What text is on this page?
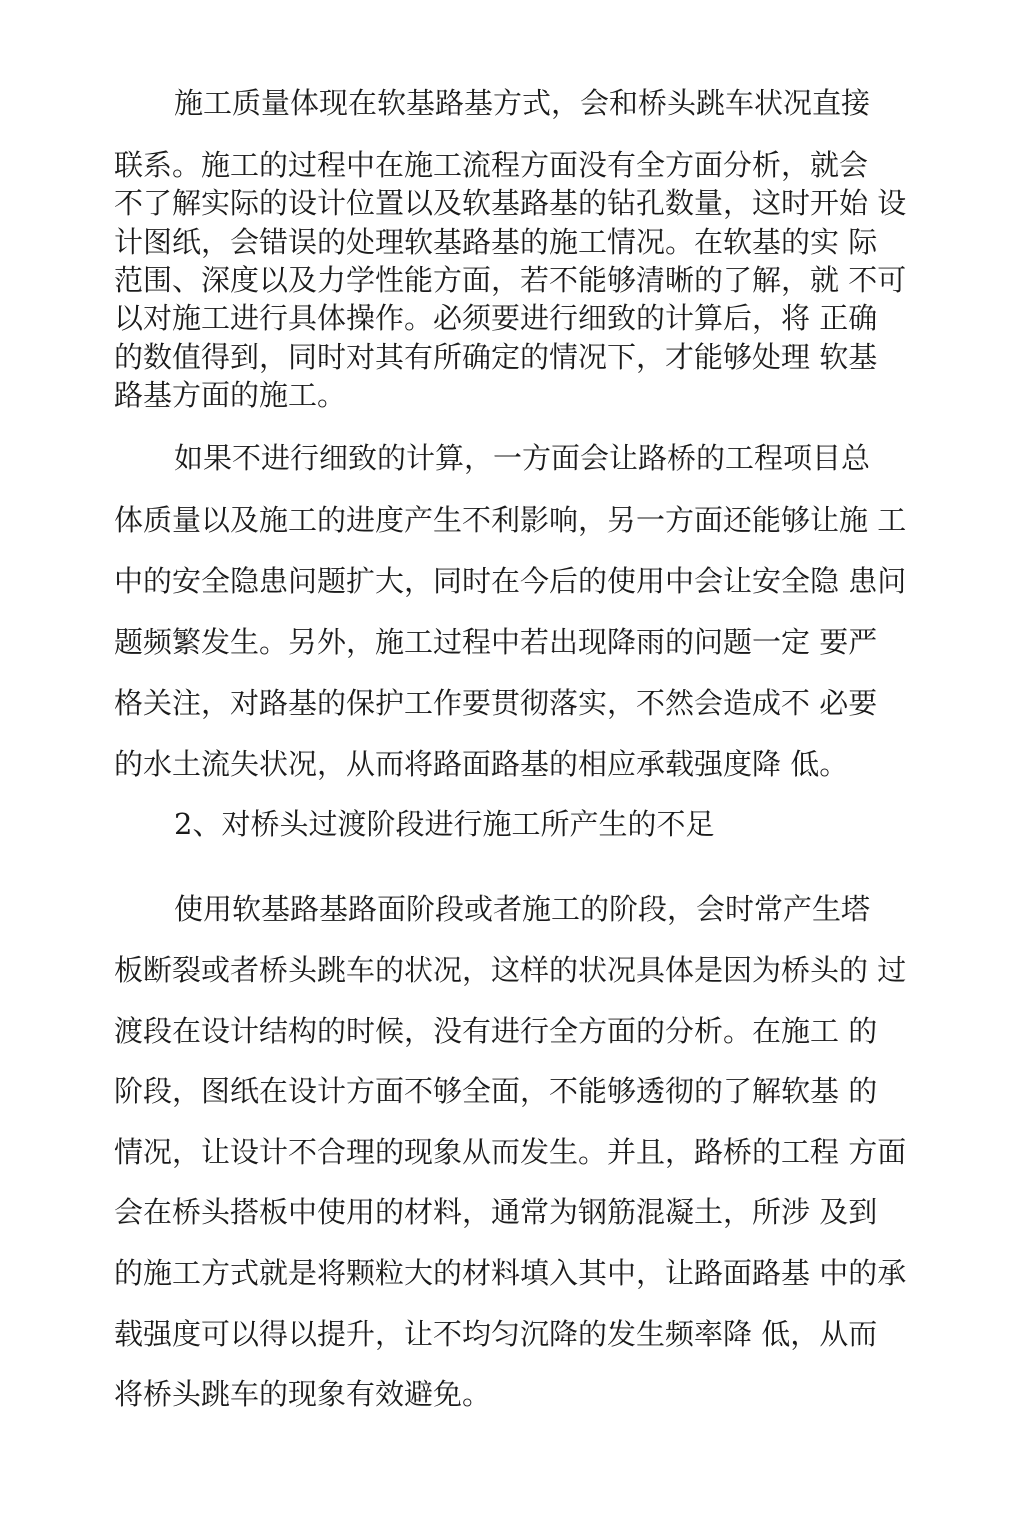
施工质量体现在软基路基方式，会和桥头跳车状况直接
联系。施工的过程中在施工流程方面没有全方面分析，就会
不了解实际的设计位置以及软基路基的钻孔数量，这时开始 设
计图纸，会错误的处理软基路基的施工情况。在软基的实 际
范围、深度以及力学性能方面，若不能够清晰的了解，就 不可
以对施工进行具体操作。必须要进行细致的计算后，将 正确
的数值得到，同时对其有所确定的情况下，才能够处理 软基
路基方面的施工。
如果不进行细致的计算，一方面会让路桥的工程项目总
体质量以及施工的进度产生不利影响，另一方面还能够让施 工
中的安全隐患问题扩大，同时在今后的使用中会让安全隐 患问
题频繁发生。另外，施工过程中若出现降雨的问题一定 要严
格关注，对路基的保护工作要贯彻落实，不然会造成不 必要
的水土流失状况，从而将路面路基的相应承载强度降 低。
2、对桥头过渡阶段进行施工所产生的不足
使用软基路基路面阶段或者施工的阶段，会时常产生塔
板断裂或者桥头跳车的状况，这样的状况具体是因为桥头的 过
渡段在设计结构的时候，没有进行全方面的分析。在施工 的
阶段，图纸在设计方面不够全面，不能够透彻的了解软基 的
情况，让设计不合理的现象从而发生。并且，路桥的工程 方面
会在桥头搭板中使用的材料，通常为钢筋混凝土，所涉 及到
的施工方式就是将颗粒大的材料填入其中，让路面路基 中的承
载强度可以得以提升，让不均匀沉降的发生频率降 低，从而
将桥头跳车的现象有效避免。
